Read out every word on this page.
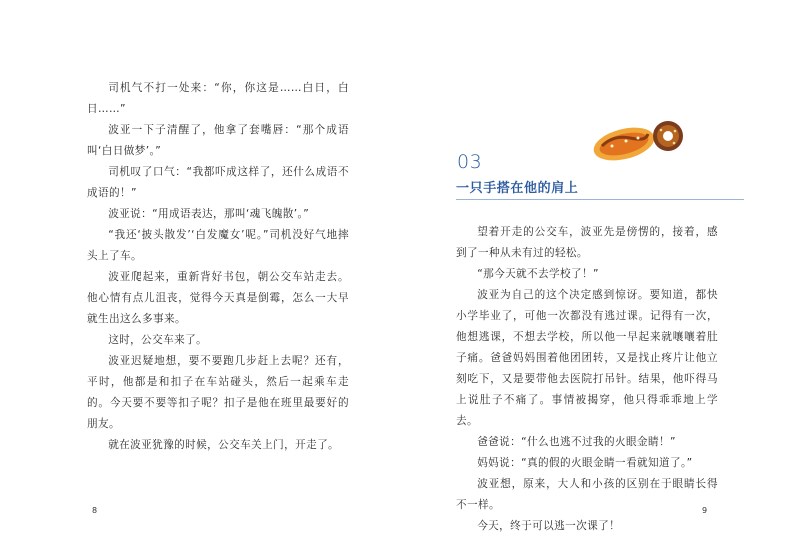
司机气不打一处来：“你，你这是……白日，白日……”

波亚一下子清醒了，他拿了套嘴唇：“那个成语叫‘白日做梦’。”

司机叹了口气：“我都吓成这样了，还什么成语不成语的！”

波亚说：“用成语表达，那叫‘魂飞魄散’。”

“我还‘披头散发’‘白发魔女’呢。”司机没好气地摔头上了车。

波亚爬起来，重新背好书包，朝公交车站走去。他心情有点儿沮丧，觉得今天真是倒霉，怎么一大早就生出这么多事来。

这时，公交车来了。

波亚迟疑地想，要不要跑几步赶上去呢？还有，平时，他都是和扣子在车站碰头，然后一起乘车走的。今天要不要等扣子呢？扣子是他在班里最要好的朋友。

就在波亚犹豫的时候，公交车关上门，开走了。

8
03
一只手搭在他的肩上

望着开走的公交车，波亚先是傍愣的，接着，感到了一种从未有过的轻松。

“那今天就不去学校了！”

波亚为自己的这个决定感到惊讶。要知道，都快小学毕业了，可他一次都没有逃过课。记得有一次，他想逃课，不想去学校，所以他一早起来就嚷嚷着肚子痛。爸爸妈妈围着他团团转，又是找止疼片让他立刻吃下，又是要带他去医院打吊针。结果，他吓得马上说肚子不痛了。事情被揭穿，他只得乖乖地上学去。

爸爸说：“什么也逃不过我的火眼金睛！”

妈妈说：“真的假的火眼金睛一看就知道了。”

波亚想，原来，大人和小孩的区别在于眼睛长得不一样。

今天，终于可以逃一次课了！

9
